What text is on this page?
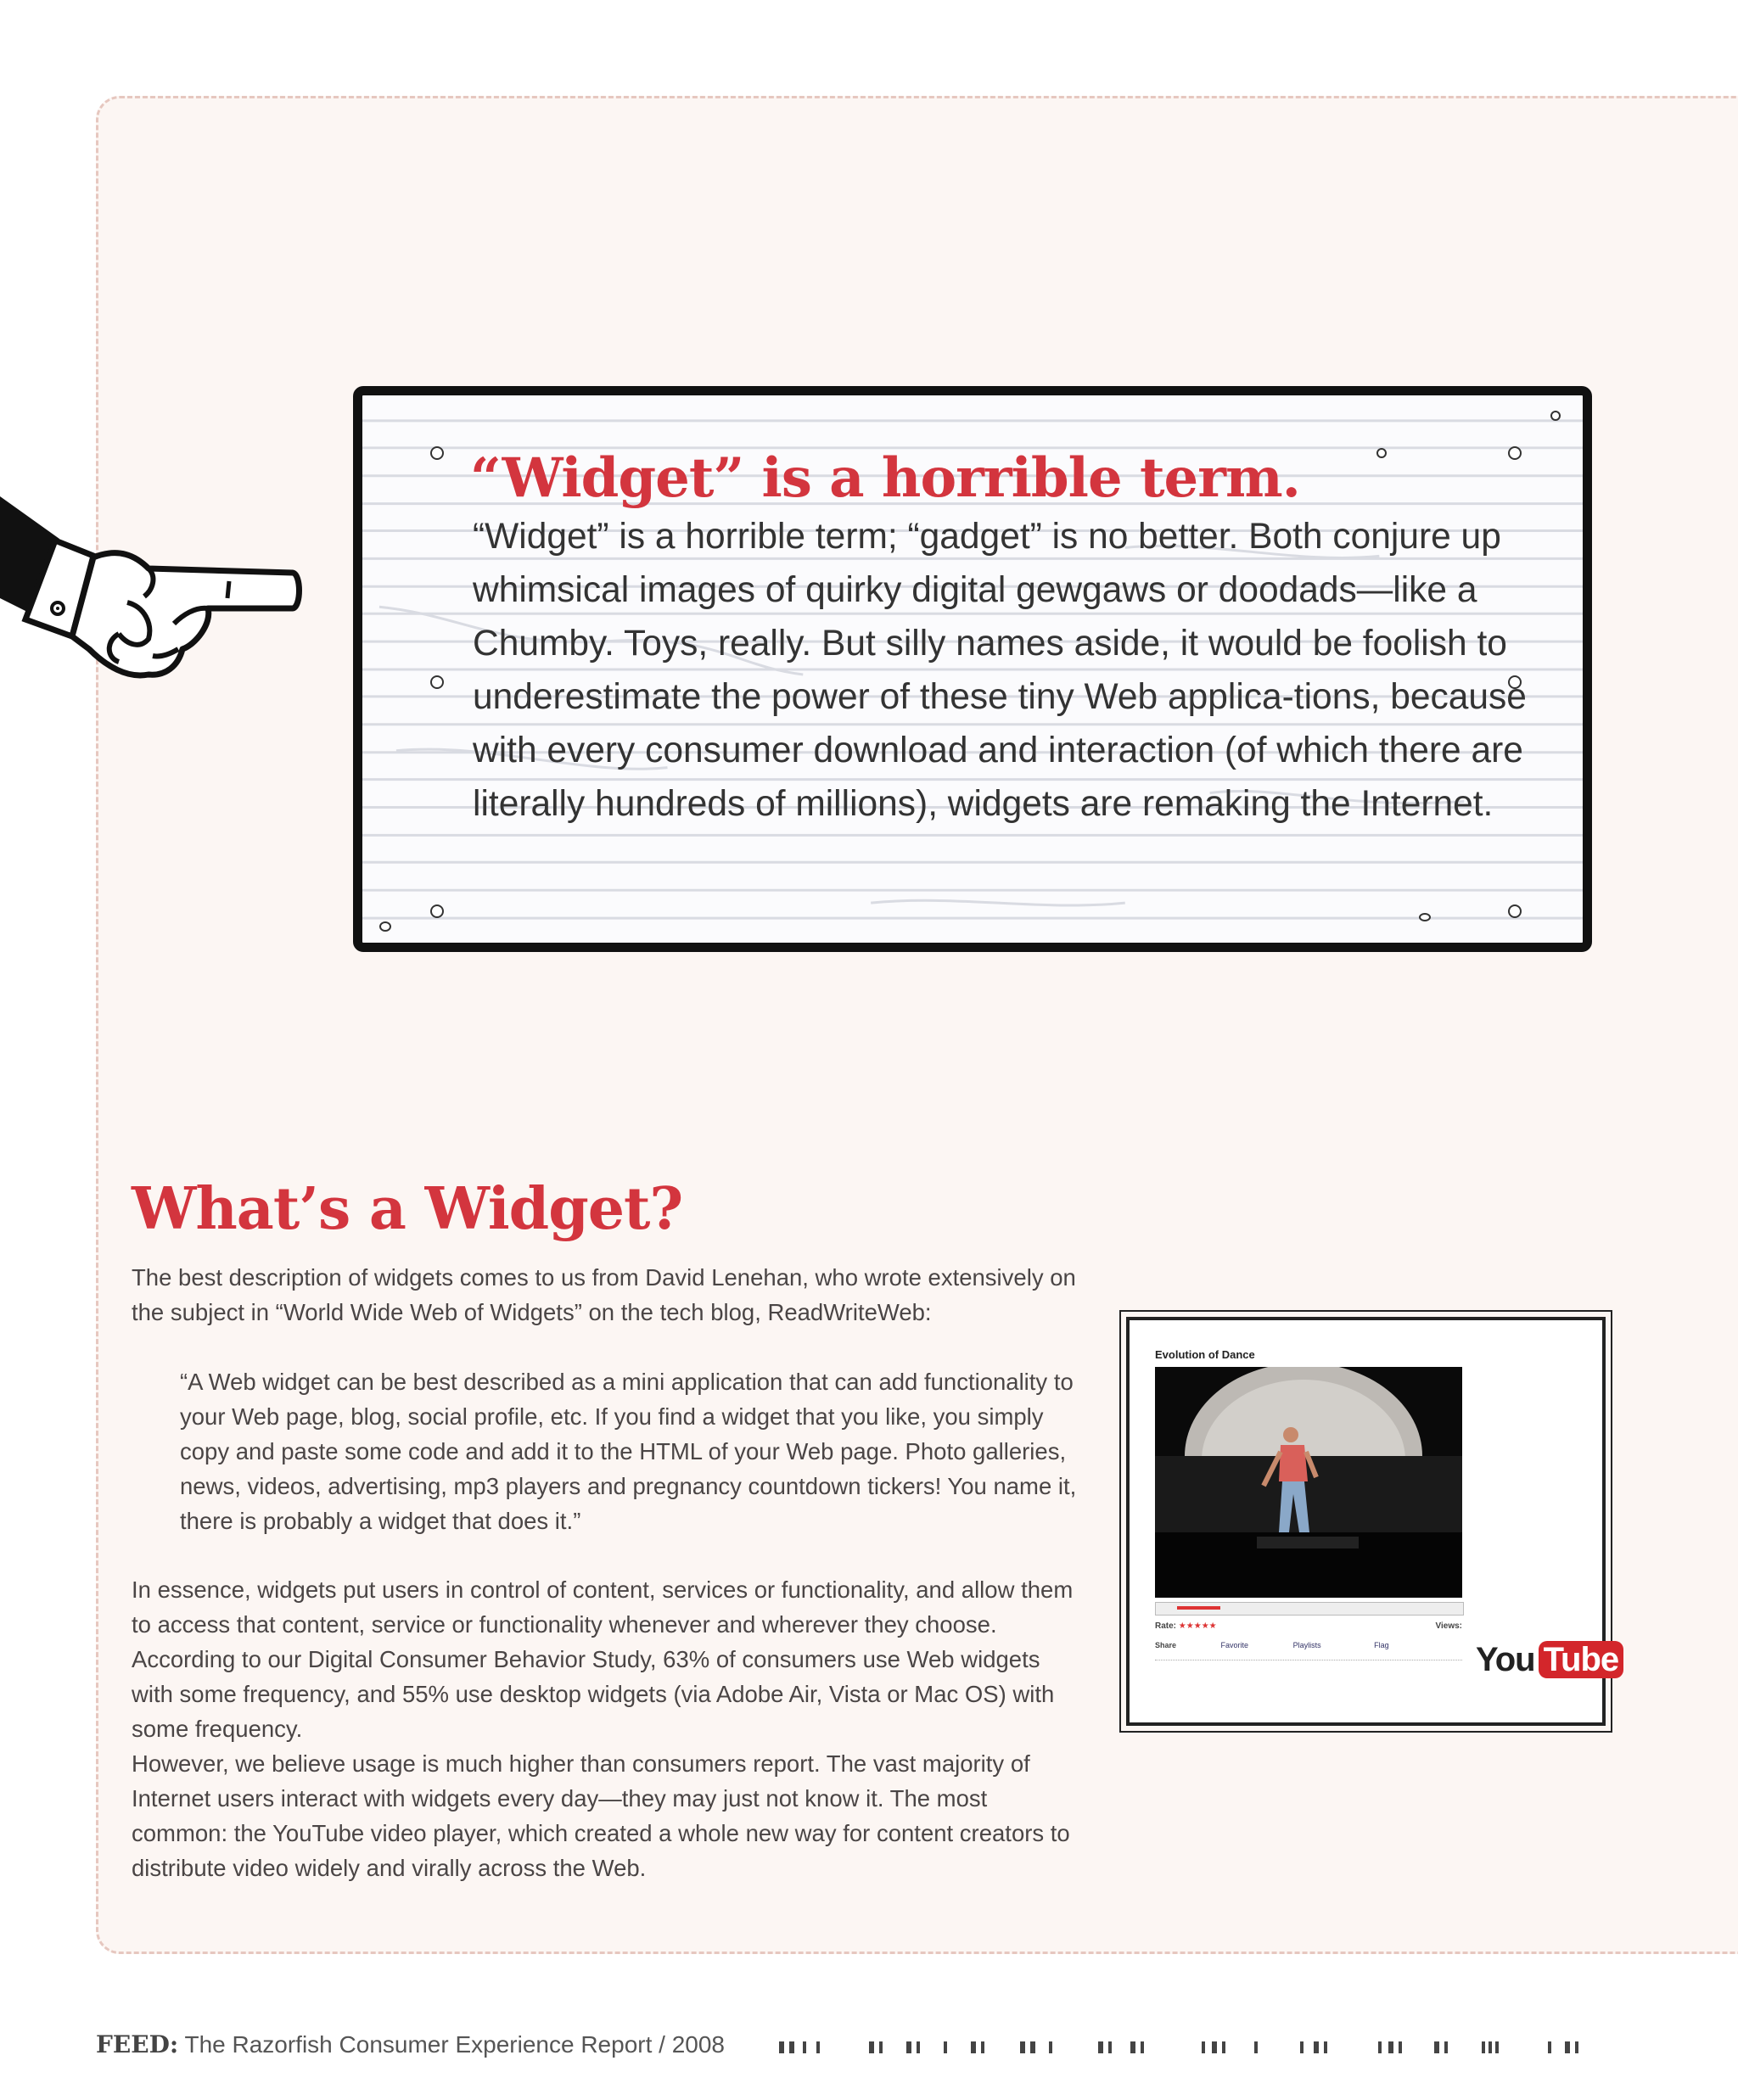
“Widget” is a horrible term.

“Widget” is a horrible term; “gadget” is no better. Both conjure up whimsical images of quirky digital gewgaws or doodads—like a Chumby. Toys, really. But silly names aside, it would be foolish to underestimate the power of these tiny Web applica-tions, because with every consumer download and interaction (of which there are literally hundreds of millions), widgets are remaking the Internet.

What’s a Widget?

The best description of widgets comes to us from David Lenehan, who wrote extensively on the subject in “World Wide Web of Widgets” on the tech blog, ReadWriteWeb:

“A Web widget can be best described as a mini application that can add functionality to your Web page, blog, social profile, etc. If you find a widget that you like, you simply copy and paste some code and add it to the HTML of your Web page. Photo galleries, news, videos, advertising, mp3 players and pregnancy countdown tickers! You name it, there is probably a widget that does it.”

In essence, widgets put users in control of content, services or functionality, and allow them to access that content, service or functionality whenever and wherever they choose. According to our Digital Consumer Behavior Study, 63% of consumers use Web widgets with some frequency, and 55% use desktop widgets (via Adobe Air, Vista or Mac OS) with some frequency.

However, we believe usage is much higher than consumers report. The vast majority of Internet users interact with widgets every day—they may just not know it. The most common: the YouTube video player, which created a whole new way for content creators to distribute video widely and virally across the Web.

Evolution of Dance
Rate: ★★★★★	Views:
Share	Favorite	Playlists	Flag	You Tube
FEED: The Razorfish Consumer Experience Report / 2008
